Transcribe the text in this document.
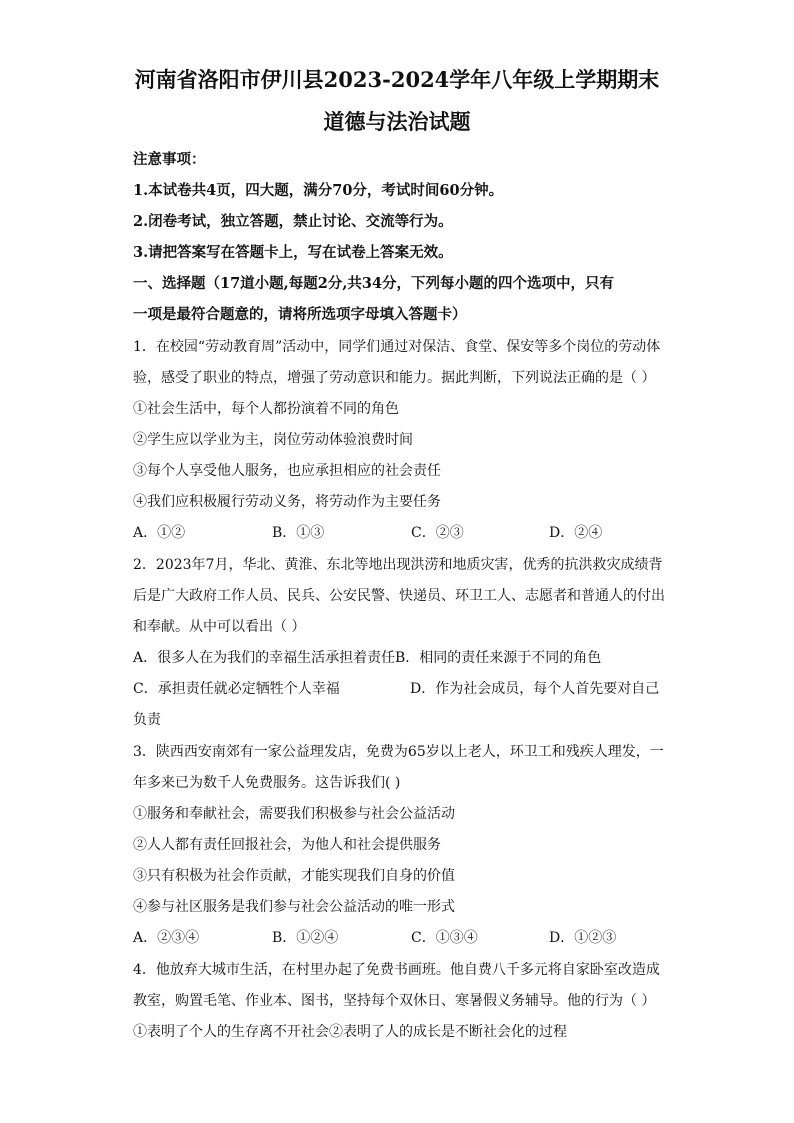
河南省洛阳市伊川县2023-2024学年八年级上学期期末
道德与法治试题
注意事项：
1.本试卷共4页，四大题，满分70分，考试时间60分钟。
2.闭卷考试，独立答题，禁止讨论、交流等行为。
3.请把答案写在答题卡上，写在试卷上答案无效。
一、选择题（17道小题,每题2分,共34分，下列每小题的四个选项中，只有
一项是最符合题意的，请将所选项字母填入答题卡）
1．在校园“劳动教育周”活动中，同学们通过对保洁、食堂、保安等多个岗位的劳动体
验，感受了职业的特点，增强了劳动意识和能力。据此判断，下列说法正确的是（ ）
①社会生活中，每个人都扮演着不同的角色
②学生应以学业为主，岗位劳动体验浪费时间
③每个人享受他人服务，也应承担相应的社会责任
④我们应积极履行劳动义务，将劳动作为主要任务
A．①②	B．①③	C．②③	D．②④
2．2023年7月，华北、黄淮、东北等地出现洪涝和地质灾害，优秀的抗洪救灾成绩背
后是广大政府工作人员、民兵、公安民警、快递员、环卫工人、志愿者和普通人的付出
和奉献。从中可以看出（ ）
A．很多人在为我们的幸福生活承担着责任 B．相同的责任来源于不同的角色
C．承担责任就必定牺牲个人幸福	D．作为社会成员，每个人首先要对自己
负责
3．陕西西安南郊有一家公益理发店，免费为65岁以上老人，环卫工和残疾人理发，一
年多来已为数千人免费服务。这告诉我们( )
①服务和奉献社会，需要我们积极参与社会公益活动
②人人都有责任回报社会，为他人和社会提供服务
③只有积极为社会作贡献，才能实现我们自身的价值
④参与社区服务是我们参与社会公益活动的唯一形式
A．②③④	B．①②④	C．①③④	D．①②③
4．他放弃大城市生活，在村里办起了免费书画班。他自费八千多元将自家卧室改造成
教室，购置毛笔、作业本、图书，坚持每个双休日、寒暑假义务辅导。他的行为（ ）
①表明了个人的生存离不开社会②表明了人的成长是不断社会化的过程
